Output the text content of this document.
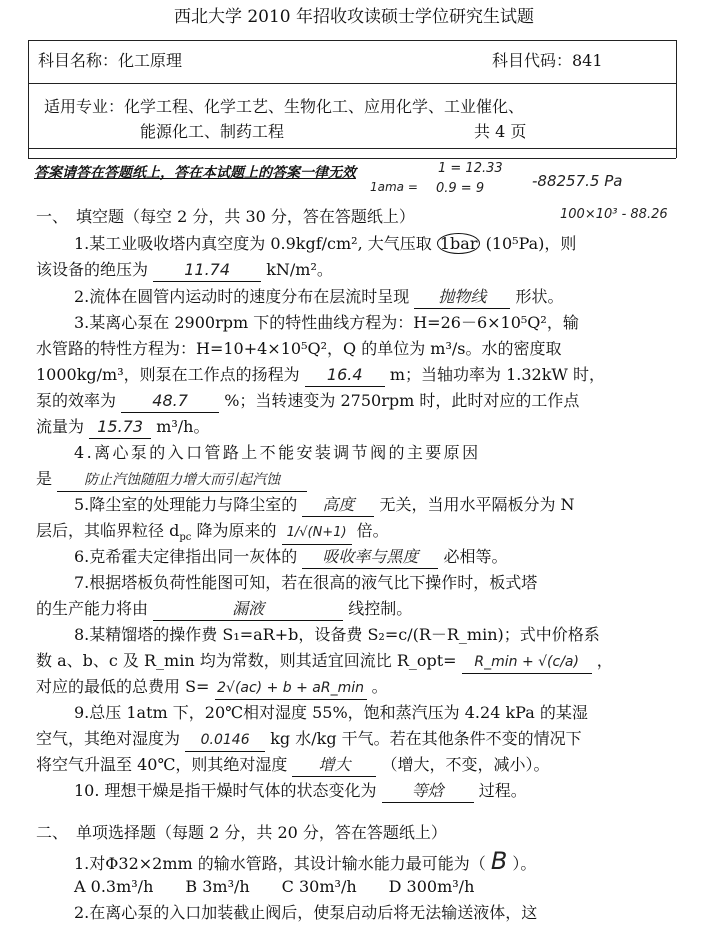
西北大学 2010 年招收攻读硕士学位研究生试题
科目名称：化工原理	科目代码：841
适用专业：化学工程、化学工艺、生物化工、应用化学、工业催化、
能源化工、制药工程	共 4 页
答案请答在答题纸上，答在本试题上的答案一律无效	1 = 12.33
1ama = 0.9 = 9	-88257.5 Pa
100×10³ - 88.26
一、　填空题（每空 2 分，共 30 分，答在答题纸上）
1.某工业吸收塔内真空度为 0.9kgf/cm², 大气压取 1bar (10⁵Pa)，则
该设备的绝压为 11.74 kN/m²。
2.流体在圆管内运动时的速度分布在层流时呈现 抛物线 形状。
3.某离心泵在 2900rpm 下的特性曲线方程为：H=26－6×10⁵Q²，输
水管路的特性方程为：H=10+4×10⁵Q²，Q 的单位为 m³/s。水的密度取
1000kg/m³，则泵在工作点的扬程为 16.4 m；当轴功率为 1.32kW 时，
泵的效率为 48.7 %；当转速变为 2750rpm 时，此时对应的工作点
流量为 15.73 m³/h。
4.离心泵的入口管路上不能安装调节阀的主要原因
是 防止汽蚀随阻力增大而引起汽蚀
5.降尘室的处理能力与降尘室的 高度 无关，当用水平隔板分为 N
层后，其临界粒径 $d_{pc}$ 降为原来的 1/√(N+1) 倍。
6.克希霍夫定律指出同一灰体的 吸收率与黑度 必相等。
7.根据塔板负荷性能图可知，若在很高的液气比下操作时，板式塔
的生产能力将由	漏液	线控制。
8.某精馏塔的操作费 S₁=aR+b，设备费 S₂=c/(R－R_min)；式中价格系
数 a、b、c 及 R_min 均为常数，则其适宜回流比 R_opt= R_min + √(c/a) ，
对应的最低的总费用 S= 2√(ac) + b + aR_min 。
9.总压 1atm 下，20℃相对湿度 55%，饱和蒸汽压为 4.24 kPa 的某湿
空气，其绝对湿度为 0.0146 kg 水/kg 干气。若在其他条件不变的情况下
将空气升温至 40℃，则其绝对湿度 增大 （增大，不变，减小）。
10. 理想干燥是指干燥时气体的状态变化为 等焓 过程。
二、　单项选择题（每题 2 分，共 20 分，答在答题纸上）
1.对Φ32×2mm 的输水管路，其设计输水能力最可能为（ B ）。
A 0.3m³/h　　B 3m³/h　　C 30m³/h　　D 300m³/h
2.在离心泵的入口加装截止阀后，使泵启动后将无法输送液体，这
